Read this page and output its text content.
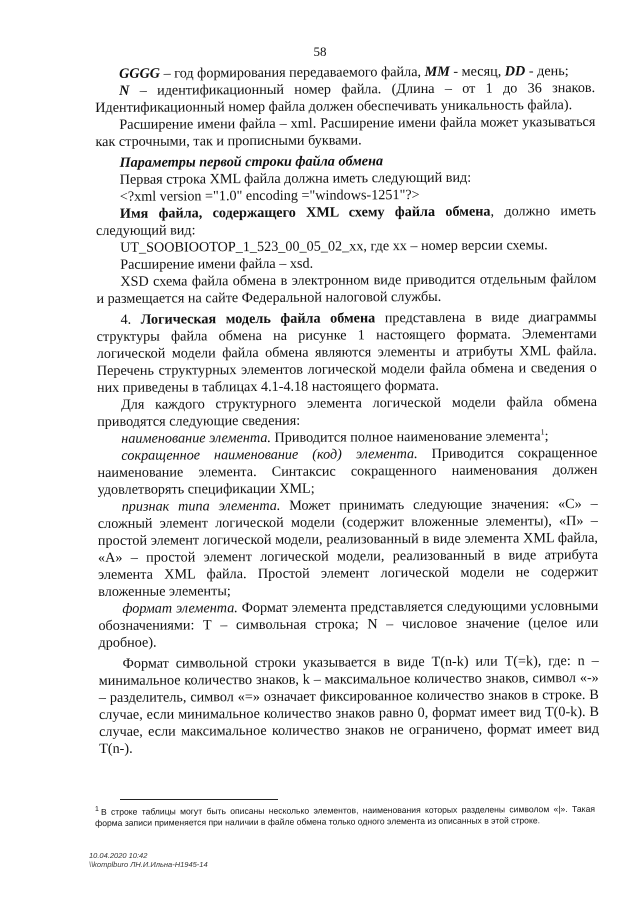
58

GGGG – год формирования передаваемого файла, MM - месяц, DD - день;

N – идентификационный номер файла. (Длина – от 1 до 36 знаков. Идентификационный номер файла должен обеспечивать уникальность файла).

Расширение имени файла – xml. Расширение имени файла может указываться как строчными, так и прописными буквами.

Параметры первой строки файла обмена

Первая строка XML файла должна иметь следующий вид:

<?xml version ="1.0" encoding ="windows-1251"?>

Имя файла, содержащего XML схему файла обмена, должно иметь следующий вид:

UT_SOOBIOOTOP_1_523_00_05_02_xx, где xx – номер версии схемы.

Расширение имени файла – xsd.

XSD схема файла обмена в электронном виде приводится отдельным файлом и размещается на сайте Федеральной налоговой службы.

4. Логическая модель файла обмена представлена в виде диаграммы структуры файла обмена на рисунке 1 настоящего формата. Элементами логической модели файла обмена являются элементы и атрибуты XML файла. Перечень структурных элементов логической модели файла обмена и сведения о них приведены в таблицах 4.1-4.18 настоящего формата.

Для каждого структурного элемента логической модели файла обмена приводятся следующие сведения:

наименование элемента. Приводится полное наименование элемента$^1$;

сокращенное наименование (код) элемента. Приводится сокращенное наименование элемента. Синтаксис сокращенного наименования должен удовлетворять спецификации XML;

признак типа элемента. Может принимать следующие значения: «С» – сложный элемент логической модели (содержит вложенные элементы), «П» – простой элемент логической модели, реализованный в виде элемента XML файла, «А» – простой элемент логической модели, реализованный в виде атрибута элемента XML файла. Простой элемент логической модели не содержит вложенные элементы;

формат элемента. Формат элемента представляется следующими условными обозначениями: Т – символьная строка; N – числовое значение (целое или дробное).

Формат символьной строки указывается в виде T(n-k) или T(=k), где: n – минимальное количество знаков, k – максимальное количество знаков, символ «-» – разделитель, символ «=» означает фиксированное количество знаков в строке. В случае, если минимальное количество знаков равно 0, формат имеет вид T(0-k). В случае, если максимальное количество знаков не ограничено, формат имеет вид T(n-).

$^1$ В строке таблицы могут быть описаны несколько элементов, наименования которых разделены символом «|». Такая форма записи применяется при наличии в файле обмена только одного элемента из описанных в этой строке.
10.04.2020 10:42
\\komplburo ЛН.И.Ильна-Н1945-14
